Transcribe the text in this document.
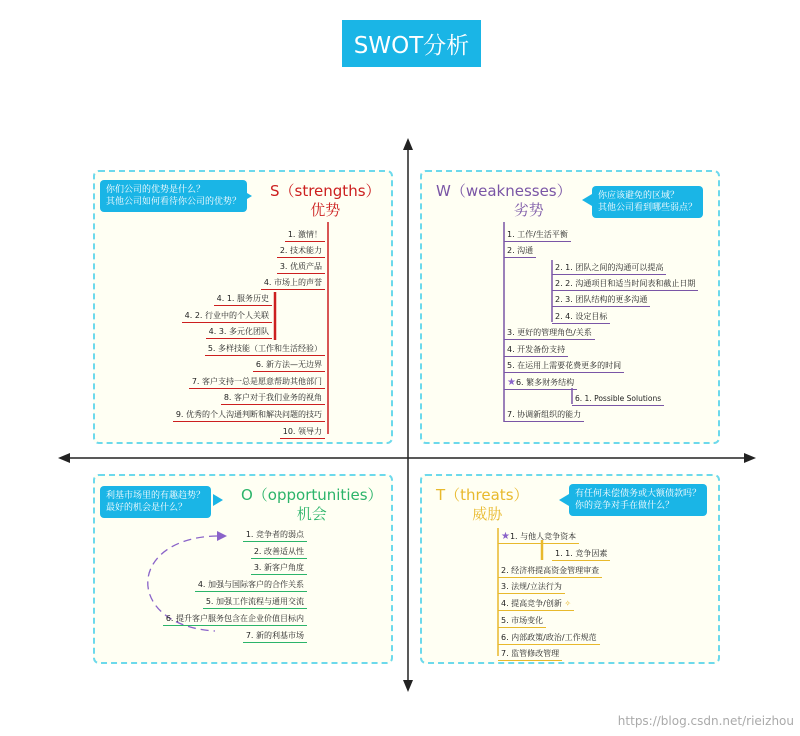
SWOT分析
S（strengths）
优势
你们公司的优势是什么？
其他公司如何看待你公司的优势？
1. 激情！
2. 技术能力
3. 优质产品
4. 市场上的声誉
4. 1. 服务历史
4. 2. 行业中的个人关联
4. 3. 多元化团队
5. 多样技能（工作和生活经验）
6. 新方法—无边界
7. 客户支持一总是愿意帮助其他部门
8. 客户对于我们业务的视角
9. 优秀的个人沟通判断和解决问题的技巧
10. 领导力
W（weaknesses）
劣势
你应该避免的区域？
其他公司看到哪些弱点？
1. 工作/生活平衡
2. 沟通
2. 1. 团队之间的沟通可以提高
2. 2. 沟通项目和适当时间表和截止日期
2. 3. 团队结构的更多沟通
2. 4. 设定目标
3. 更好的管理角色/关系
4. 开发备份支持
5. 在运用上需要花费更多的时间
★6. 繁多财务结构
6. 1. Possible Solutions
7. 协调新组织的能力
O（opportunities）
机会
利基市场里的有趣趋势？
最好的机会是什么？
1. 竞争者的弱点
2. 改善适从性
3. 新客户角度
4. 加强与国际客户的合作关系
5. 加强工作流程与通用交流
6. 提升客户服务包含在企业价值目标内
7. 新的利基市场
T（threats）
威胁
有任何未偿债务或大额债款吗？
你的竞争对手在做什么？
★1. 与他人竞争资本
1. 1. 竞争因素
2. 经济将提高资金管理审查
3. 法规/立法行为
4. 提高竞争/创新 ✧
5. 市场变化
6. 内部政策/政治/工作规范
7. 监管修改管理
https://blog.csdn.net/rieizhou
